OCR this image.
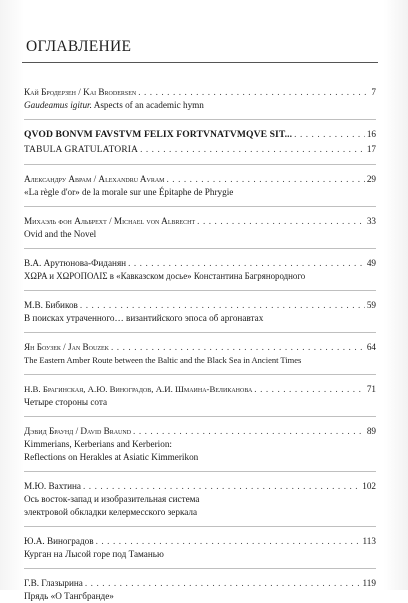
ОГЛАВЛЕНИЕ
Кай Бродерзен / Kai Brodersen . . .	7
Gaudeamus igitur. Aspects of an academic hymn
QVOD BONVM FAVSTVM FELIX FORTVNATVMQVE SIT... . . .	16
TABULA GRATULATORIA . . .	17
Александру Аврам / Alexandru Avram . . .	29
«La règle d'or» de la morale sur une Épitaphe de Phrygie
Михаэль фон Альбрехт / Michael von Albrecht . . .	33
Ovid and the Novel
В.А. Арутюнова-Фиданян . . .	49
ΧΩΡΑ и ΧΩΡΟΠΟΛΙΣ в «Кавказском досье» Константина Багрянородного
М.В. Бибиков . . .	59
В поисках утраченного… византийского эпоса об аргонавтах
Ян Боузек / Jan Bouzek . . .	64
The Eastern Amber Route between the Baltic and the Black Sea in Ancient Times
Н.В. Брагинская, А.Ю. Виноградов, А.И. Шмаина-Великанова . . .	71
Четыре стороны сота
Дэвид Браунд / David Braund . . .	89
Kimmerians, Kerberians and Kerberion:
Reflections on Herakles at Asiatic Kimmerikon
М.Ю. Вахтина . . .	102
Ось восток-запад и изобразительная система
электровой обкладки келермесского зеркала
Ю.А. Виноградов . . .	113
Курган на Лысой горе под Таманью
Г.В. Глазырина . . .	119
Прядь «О Тангбранде»
